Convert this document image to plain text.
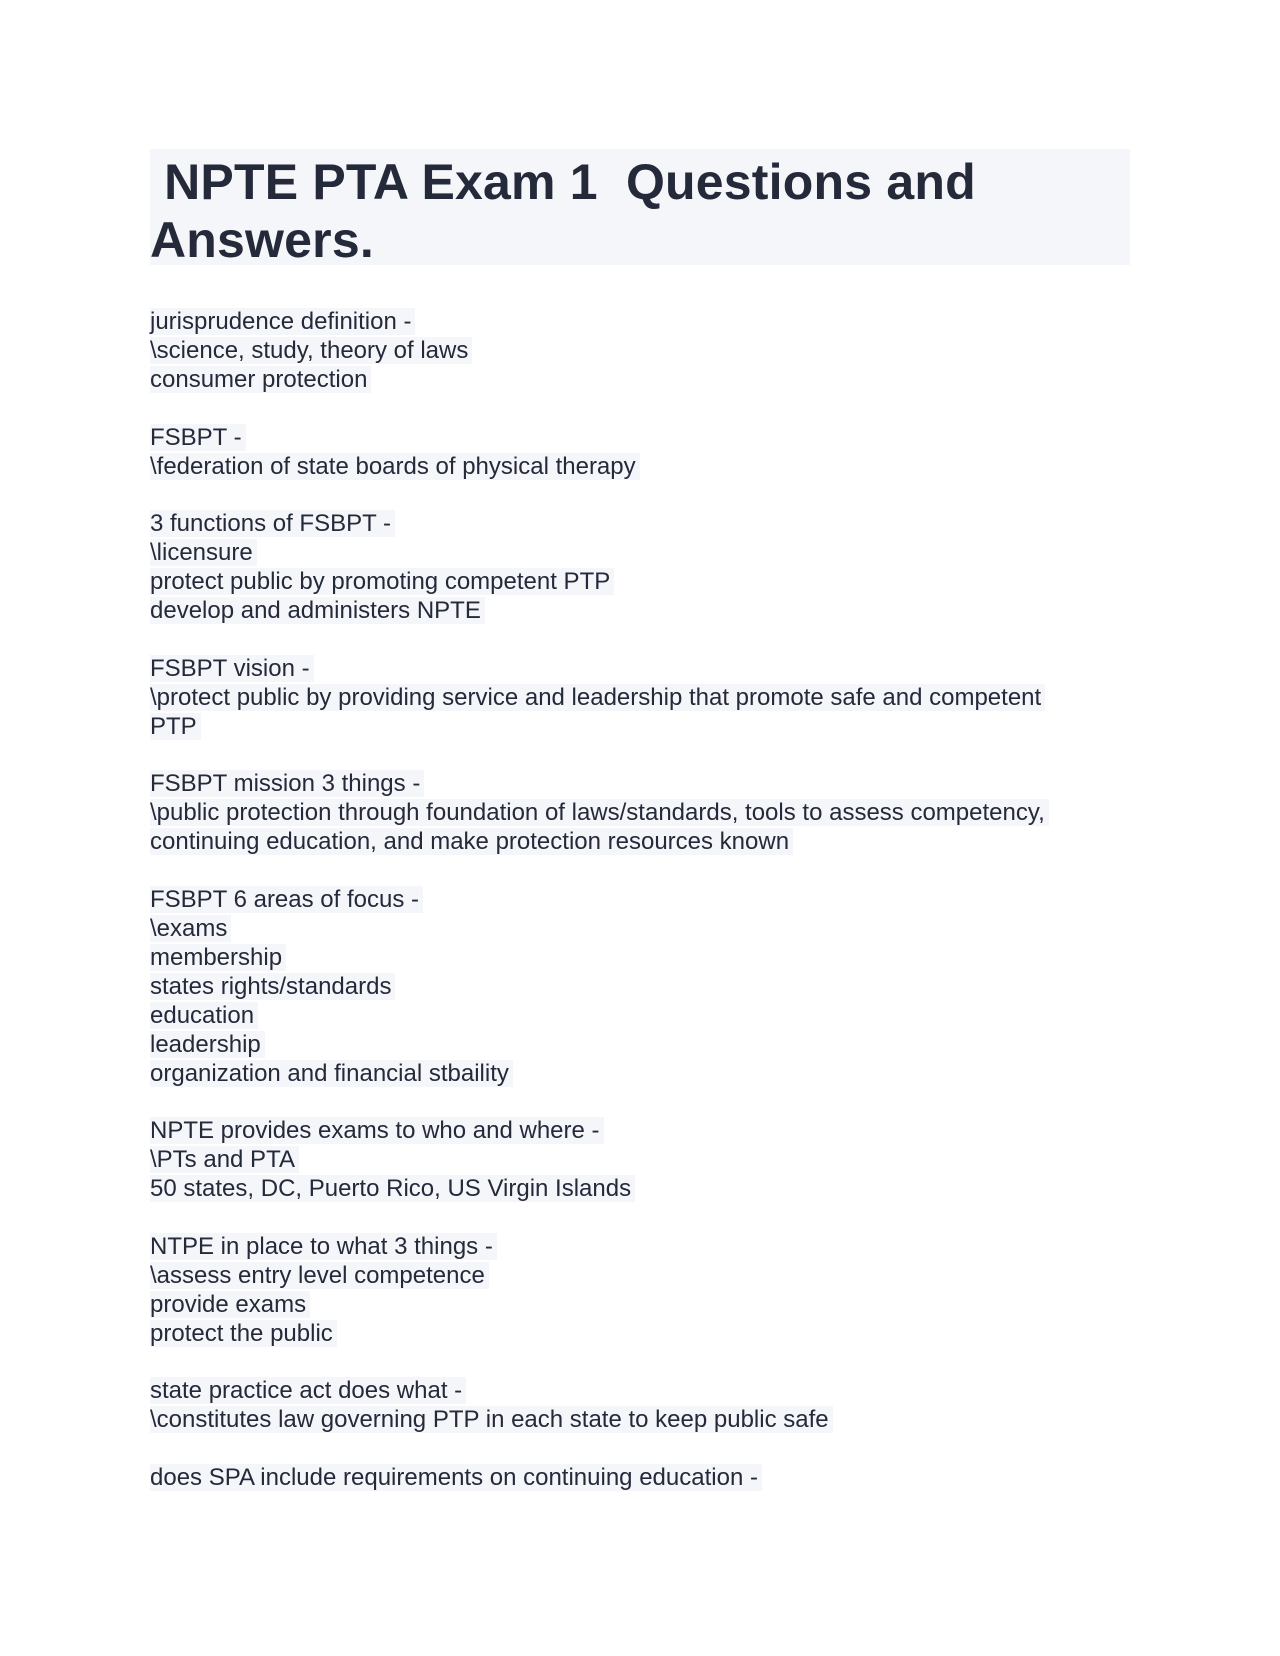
NPTE PTA Exam 1  Questions and
Answers.
jurisprudence definition -
\science, study, theory of laws
consumer protection
FSBPT -
\federation of state boards of physical therapy
3 functions of FSBPT -
\licensure
protect public by promoting competent PTP
develop and administers NPTE
FSBPT vision -
\protect public by providing service and leadership that promote safe and competent
PTP
FSBPT mission 3 things -
\public protection through foundation of laws/standards, tools to assess competency,
continuing education, and make protection resources known
FSBPT 6 areas of focus -
\exams
membership
states rights/standards
education
leadership
organization and financial stbaility
NPTE provides exams to who and where -
\PTs and PTA
50 states, DC, Puerto Rico, US Virgin Islands
NTPE in place to what 3 things -
\assess entry level competence
provide exams
protect the public
state practice act does what -
\constitutes law governing PTP in each state to keep public safe
does SPA include requirements on continuing education -
